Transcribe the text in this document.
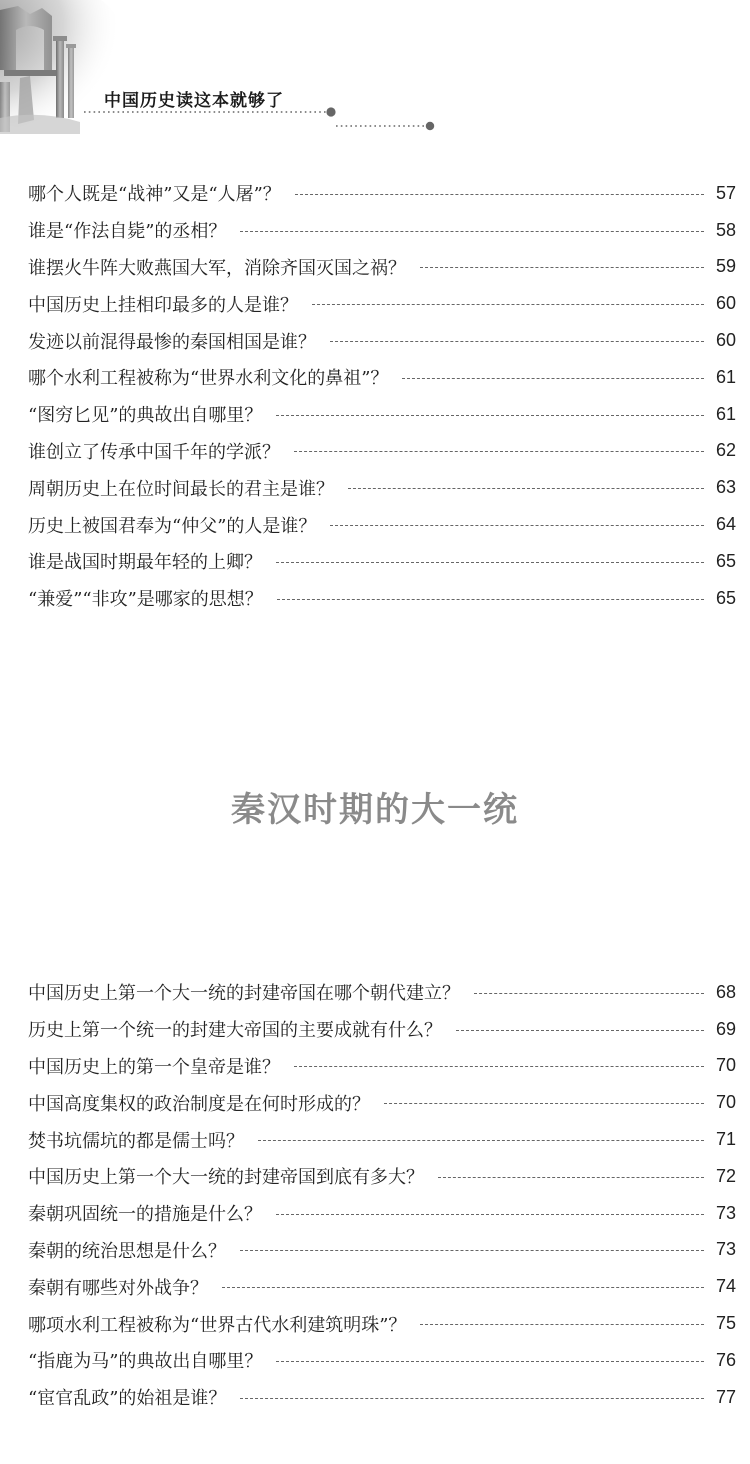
中国历史读这本就够了
哪个人既是“战神”又是“人屠”？	57
谁是“作法自毙”的丞相？	58
谁摆火牛阵大败燕国大军，消除齐国灭国之祸？	59
中国历史上挂相印最多的人是谁？	60
发迹以前混得最惨的秦国相国是谁？	60
哪个水利工程被称为“世界水利文化的鼻祖”？	61
“图穷匕见”的典故出自哪里？	61
谁创立了传承中国千年的学派？	62
周朝历史上在位时间最长的君主是谁？	63
历史上被国君奉为“仲父”的人是谁？	64
谁是战国时期最年轻的上卿？	65
“兼爱”“非攻”是哪家的思想？	65
秦汉时期的大一统
中国历史上第一个大一统的封建帝国在哪个朝代建立？	68
历史上第一个统一的封建大帝国的主要成就有什么？	69
中国历史上的第一个皇帝是谁？	70
中国高度集权的政治制度是在何时形成的？	70
焚书坑儒坑的都是儒士吗？	71
中国历史上第一个大一统的封建帝国到底有多大？	72
秦朝巩固统一的措施是什么？	73
秦朝的统治思想是什么？	73
秦朝有哪些对外战争？	74
哪项水利工程被称为“世界古代水利建筑明珠”？	75
“指鹿为马”的典故出自哪里？	76
“宦官乱政”的始祖是谁？	77
